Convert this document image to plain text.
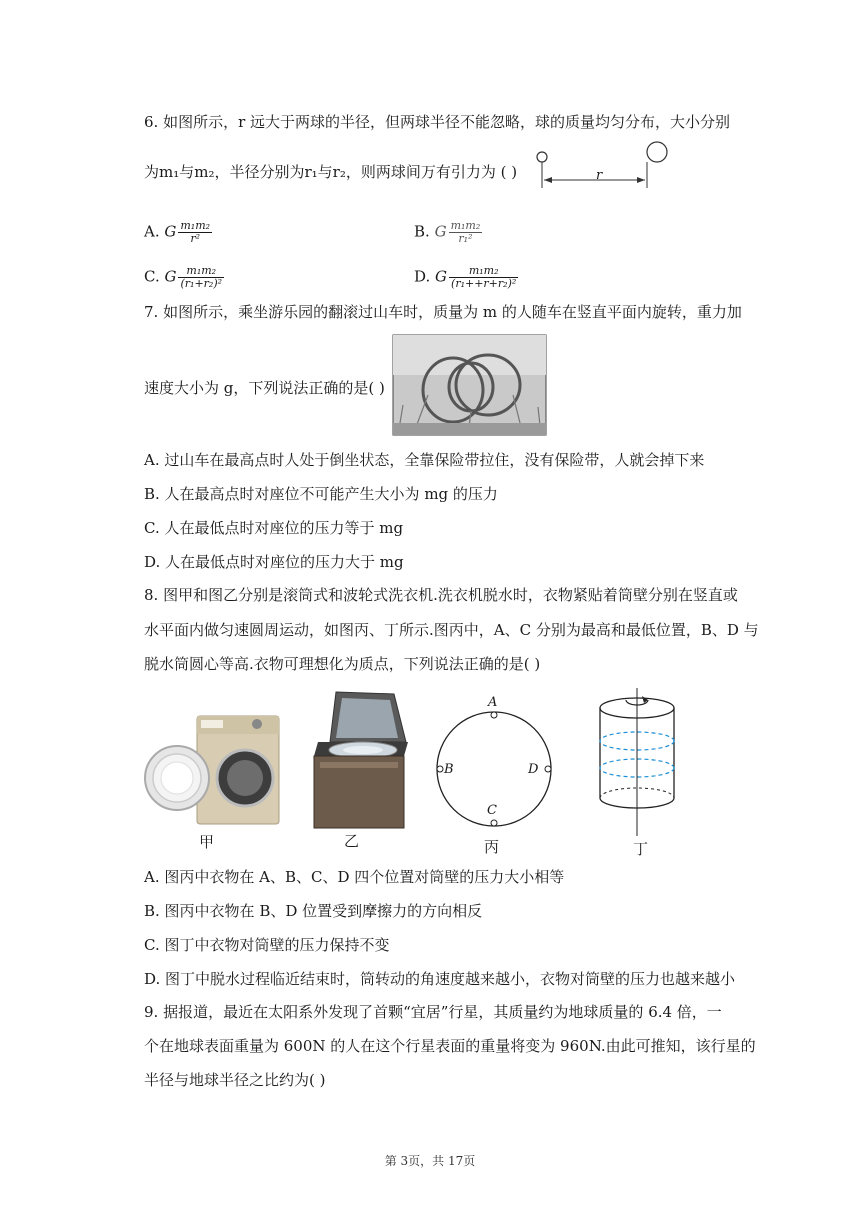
6. 如图所示，r 远大于两球的半径，但两球半径不能忽略，球的质量均匀分布，大小分别
为m₁与m₂，半径分别为r₁与r₂，则两球间万有引力为 ( )	r
A. G $\frac{\text{m₁m₂}}{\text{r²}}$	B. G $\frac{\text{m₁m₂}}{\text{r₁²}}$
C. G $\frac{\text{m₁m₂}}{\text{(r₁+r₂)²}}$	D. G $\frac{\text{m₁m₂}}{\text{(r₁++r+r₂)²}}$
7. 如图所示，乘坐游乐园的翻滚过山车时，质量为 m 的人随车在竖直平面内旋转，重力加
速度大小为 g，下列说法正确的是( )
A. 过山车在最高点时人处于倒坐状态，全靠保险带拉住，没有保险带，人就会掉下来
B. 人在最高点时对座位不可能产生大小为 mg 的压力
C. 人在最低点时对座位的压力等于 mg
D. 人在最低点时对座位的压力大于 mg
8. 图甲和图乙分别是滚筒式和波轮式洗衣机.洗衣机脱水时，衣物紧贴着筒壁分别在竖直或
水平面内做匀速圆周运动，如图丙、丁所示.图丙中，A、C 分别为最高和最低位置，B、D 与
脱水筒圆心等高.衣物可理想化为质点，下列说法正确的是( )
甲	乙
A
B
C
D
丙	丁
A. 图丙中衣物在 A、B、C、D 四个位置对筒壁的压力大小相等
B. 图丙中衣物在 B、D 位置受到摩擦力的方向相反
C. 图丁中衣物对筒壁的压力保持不变
D. 图丁中脱水过程临近结束时，筒转动的角速度越来越小，衣物对筒壁的压力也越来越小
9. 据报道，最近在太阳系外发现了首颗“宜居”行星，其质量约为地球质量的 6.4 倍，一
个在地球表面重量为 600N 的人在这个行星表面的重量将变为 960N.由此可推知，该行星的
半径与地球半径之比约为( )
第 3页，共 17页
